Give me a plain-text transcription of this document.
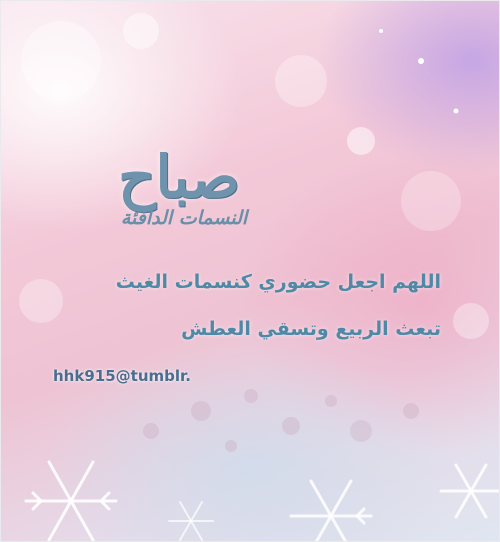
صباح
النسمات الدافئة
اللهم اجعل حضوري كنسمات الغيث
تبعث الربيع وتسقي العطش
hhk915@tumblr.
